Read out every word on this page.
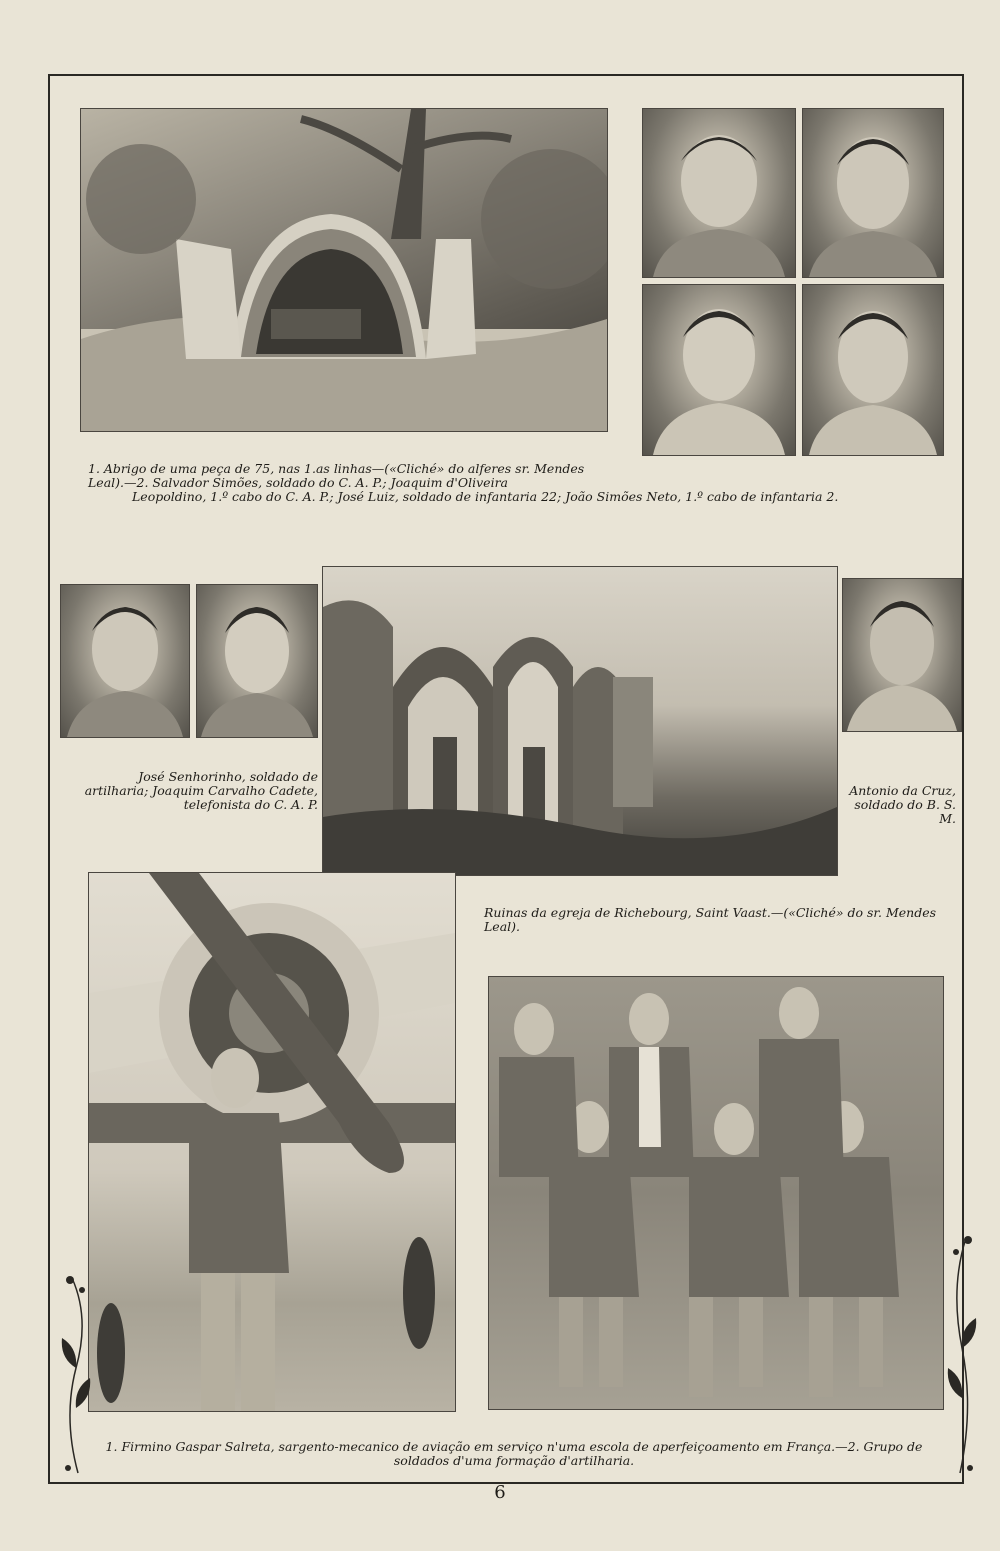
1. Abrigo de uma peça de 75, nas 1.as linhas—(«Cliché» do alferes sr. Mendes Leal).—2. Salvador Simões, soldado do C. A. P.; Joaquim d'Oliveira
Leopoldino, 1.º cabo do C. A. P.; José Luiz, soldado de infantaria 22; João Simões Neto, 1.º cabo de infantaria 2.
José Senhorinho, soldado de artilharia; Joaquim Carvalho Cadete, telefonista do C. A. P.
Antonio da Cruz, soldado do B. S. M.
Ruinas da egreja de Richebourg, Saint Vaast.—(«Cliché» do sr. Mendes Leal).
1. Firmino Gaspar Salreta, sargento-mecanico de aviação em serviço n'uma escola de aperfeiçoamento em França.—2. Grupo de soldados d'uma formação d'artilharia.
6
